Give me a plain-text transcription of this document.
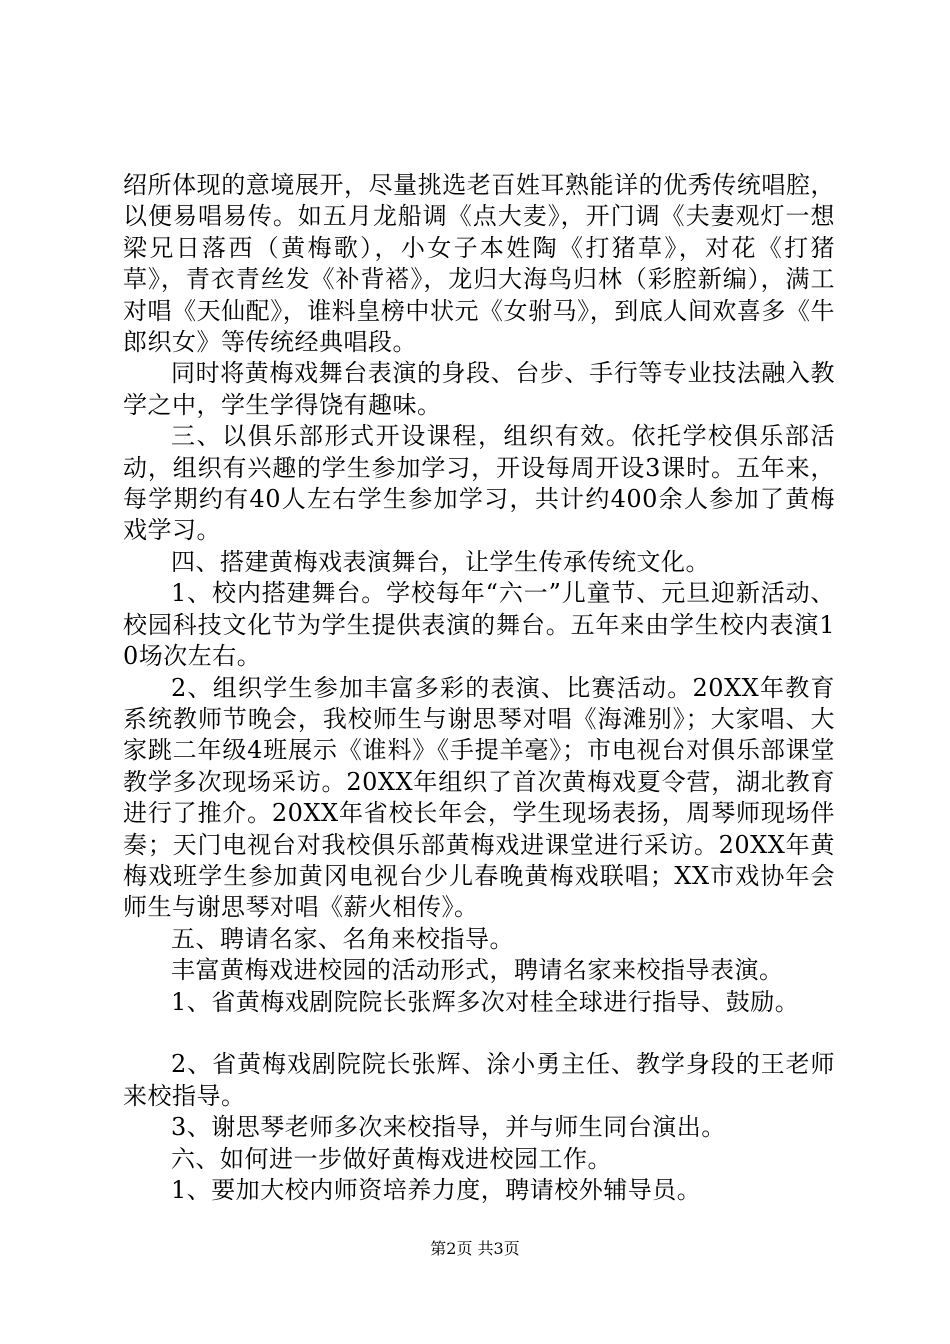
绍所体现的意境展开，尽量挑选老百姓耳熟能详的优秀传统唱腔，以便易唱易传。如五月龙船调《点大麦》，开门调《夫妻观灯一想梁兄日落西（黄梅歌），小女子本姓陶《打猪草》，对花《打猪草》，青衣青丝发《补背褡》，龙归大海鸟归林（彩腔新编），满工对唱《天仙配》，谁料皇榜中状元《女驸马》，到底人间欢喜多《牛郎织女》等传统经典唱段。

同时将黄梅戏舞台表演的身段、台步、手行等专业技法融入教学之中，学生学得饶有趣味。

三、以俱乐部形式开设课程，组织有效。依托学校俱乐部活动，组织有兴趣的学生参加学习，开设每周开设3课时。五年来，每学期约有40人左右学生参加学习，共计约400余人参加了黄梅戏学习。

四、搭建黄梅戏表演舞台，让学生传承传统文化。

1、校内搭建舞台。学校每年“六一”儿童节、元旦迎新活动、校园科技文化节为学生提供表演的舞台。五年来由学生校内表演10场次左右。

2、组织学生参加丰富多彩的表演、比赛活动。20XX年教育系统教师节晚会，我校师生与谢思琴对唱《海滩别》；大家唱、大家跳二年级4班展示《谁料》《手提羊毫》；市电视台对俱乐部课堂教学多次现场采访。20XX年组织了首次黄梅戏夏令营，湖北教育进行了推介。20XX年省校长年会，学生现场表扬，周琴师现场伴奏；天门电视台对我校俱乐部黄梅戏进课堂进行采访。20XX年黄梅戏班学生参加黄冈电视台少儿春晚黄梅戏联唱；XX市戏协年会师生与谢思琴对唱《薪火相传》。

五、聘请名家、名角来校指导。

丰富黄梅戏进校园的活动形式，聘请名家来校指导表演。

1、省黄梅戏剧院院长张辉多次对桂全球进行指导、鼓励。

2、省黄梅戏剧院院长张辉、涂小勇主任、教学身段的王老师来校指导。

3、谢思琴老师多次来校指导，并与师生同台演出。

六、如何进一步做好黄梅戏进校园工作。

1、要加大校内师资培养力度，聘请校外辅导员。

第2页 共3页
